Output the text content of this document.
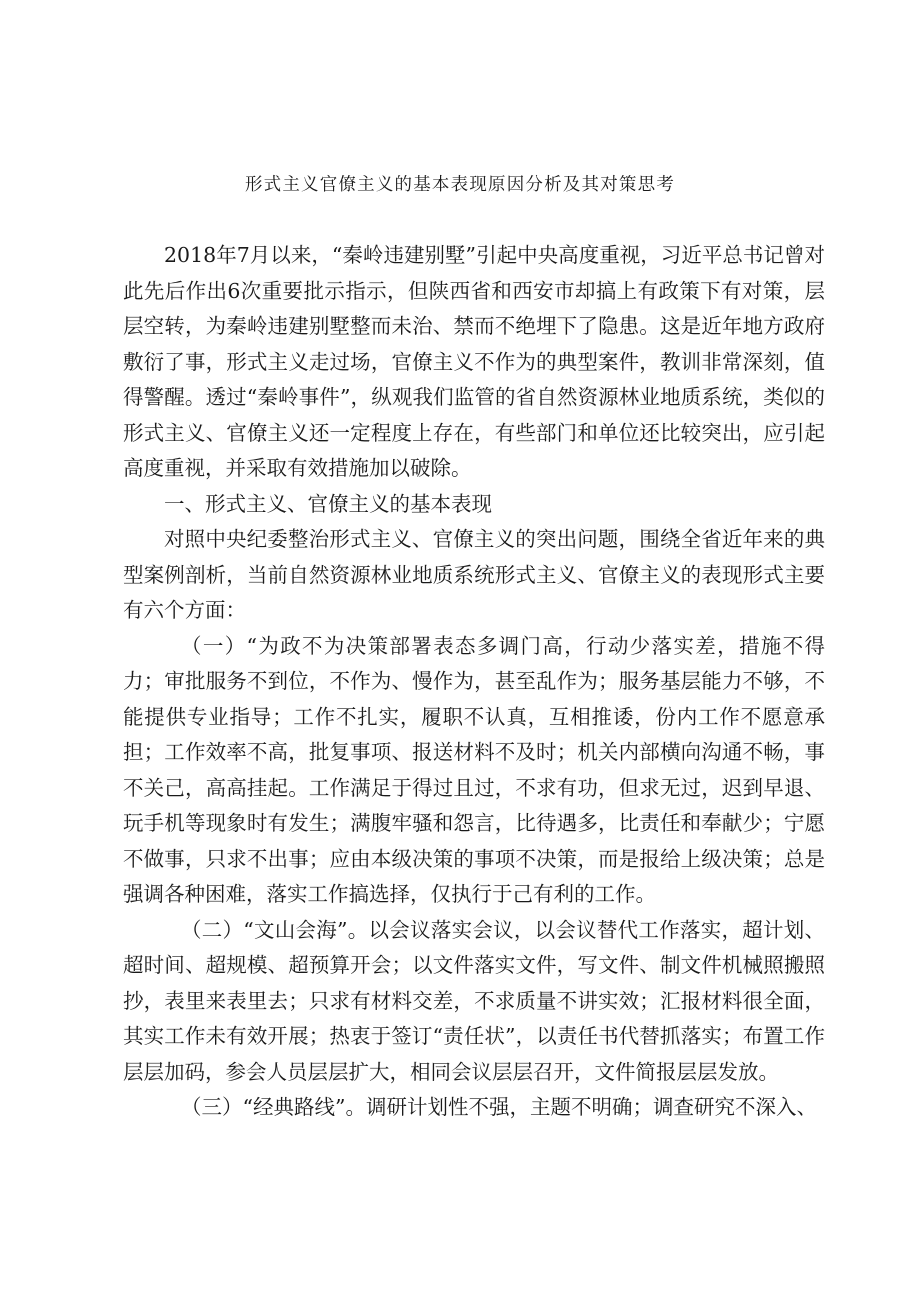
形式主义官僚主义的基本表现原因分析及其对策思考

2018年7月以来，“秦岭违建别墅”引起中央高度重视，习近平总书记曾对此先后作出6次重要批示指示，但陕西省和西安市却搞上有政策下有对策，层层空转，为秦岭违建别墅整而未治、禁而不绝埋下了隐患。这是近年地方政府敷衍了事，形式主义走过场，官僚主义不作为的典型案件，教训非常深刻，值得警醒。透过“秦岭事件”，纵观我们监管的省自然资源林业地质系统，类似的形式主义、官僚主义还一定程度上存在，有些部门和单位还比较突出，应引起高度重视，并采取有效措施加以破除。

一、形式主义、官僚主义的基本表现

对照中央纪委整治形式主义、官僚主义的突出问题，围绕全省近年来的典型案例剖析，当前自然资源林业地质系统形式主义、官僚主义的表现形式主要有六个方面：

（一）“为政不为决策部署表态多调门高，行动少落实差，措施不得力；审批服务不到位，不作为、慢作为，甚至乱作为；服务基层能力不够，不能提供专业指导；工作不扎实，履职不认真，互相推诿，份内工作不愿意承担；工作效率不高，批复事项、报送材料不及时；机关内部横向沟通不畅，事不关己，高高挂起。工作满足于得过且过，不求有功，但求无过，迟到早退、玩手机等现象时有发生；满腹牢骚和怨言，比待遇多，比责任和奉献少；宁愿不做事，只求不出事；应由本级决策的事项不决策，而是报给上级决策；总是强调各种困难，落实工作搞选择，仅执行于己有利的工作。

（二）“文山会海”。以会议落实会议，以会议替代工作落实，超计划、超时间、超规模、超预算开会；以文件落实文件，写文件、制文件机械照搬照抄，表里来表里去；只求有材料交差，不求质量不讲实效；汇报材料很全面，其实工作未有效开展；热衷于签订“责任状”，以责任书代替抓落实；布置工作层层加码，参会人员层层扩大，相同会议层层召开，文件简报层层发放。

（三）“经典路线”。调研计划性不强，主题不明确；调查研究不深入、
